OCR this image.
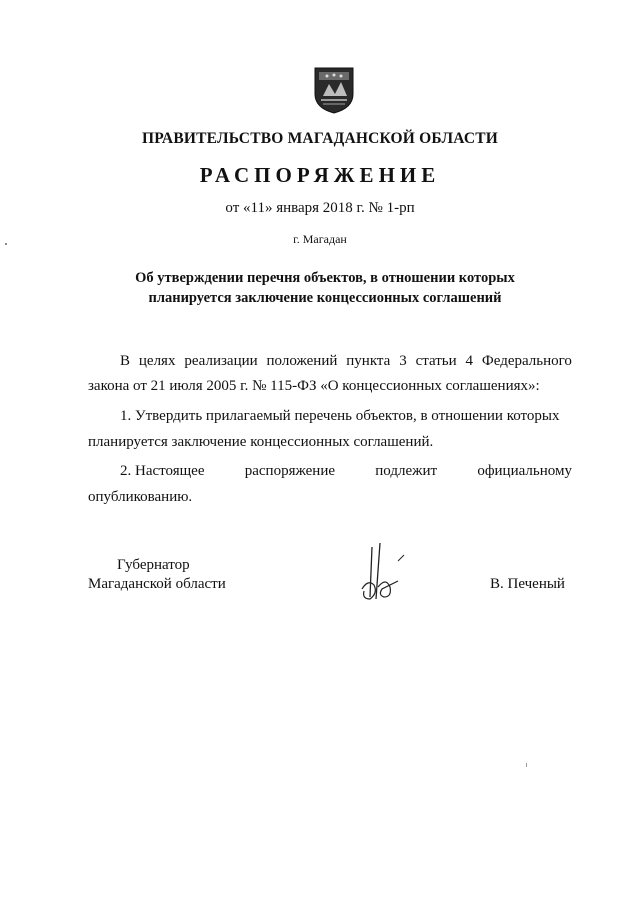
ПРАВИТЕЛЬСТВО МАГАДАНСКОЙ ОБЛАСТИ
РАСПОРЯЖЕНИЕ
от «11» января 2018 г. № 1-рп
г. Магадан
Об утверждении перечня объектов, в отношении которых
планируется заключение концессионных соглашений
В целях реализации положений пункта 3 статьи 4 Федерального
закона от 21 июля 2005 г. № 115-ФЗ «О концессионных соглашениях»:
1. Утвердить прилагаемый перечень объектов, в отношении которых
планируется заключение концессионных соглашений.
2. Настоящее	распоряжение	подлежит	официальному
опубликованию.
Губернатор
Магаданской области	В. Печеный
